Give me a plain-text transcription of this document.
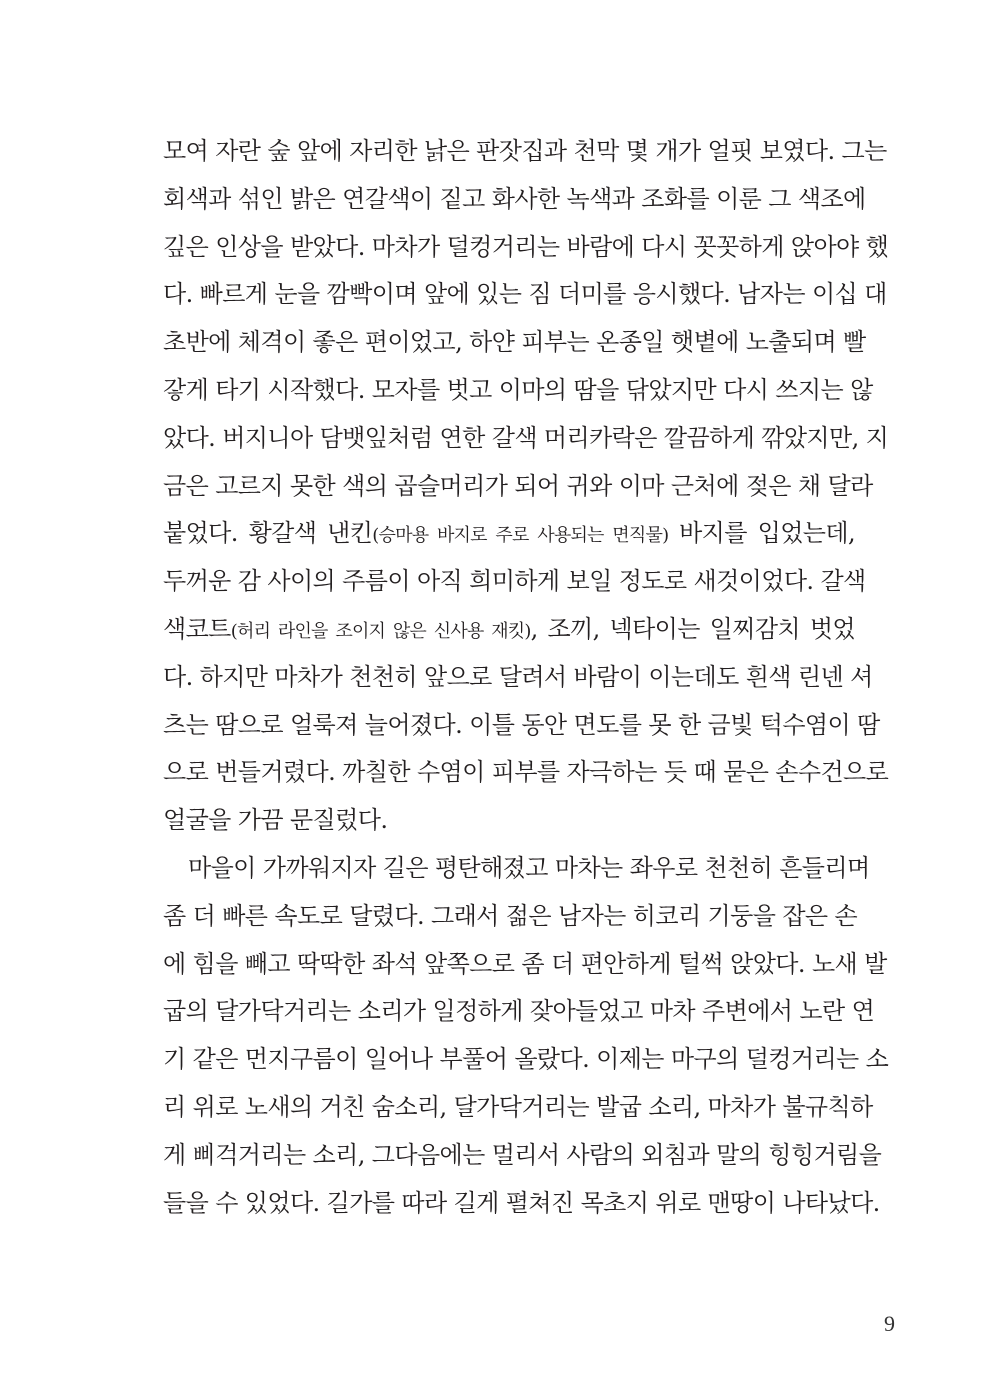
모여 자란 숲 앞에 자리한 낡은 판잣집과 천막 몇 개가 얼핏 보였다. 그는
회색과 섞인 밝은 연갈색이 짙고 화사한 녹색과 조화를 이룬 그 색조에
깊은 인상을 받았다. 마차가 덜컹거리는 바람에 다시 꼿꼿하게 앉아야 했
다. 빠르게 눈을 깜빡이며 앞에 있는 짐 더미를 응시했다. 남자는 이십 대
초반에 체격이 좋은 편이었고, 하얀 피부는 온종일 햇볕에 노출되며 빨
갛게 타기 시작했다. 모자를 벗고 이마의 땀을 닦았지만 다시 쓰지는 않
았다. 버지니아 담뱃잎처럼 연한 갈색 머리카락은 깔끔하게 깎았지만, 지
금은 고르지 못한 색의 곱슬머리가 되어 귀와 이마 근처에 젖은 채 달라
붙었다. 황갈색 낸킨(승마용 바지로 주로 사용되는 면직물) 바지를 입었는데,
두꺼운 감 사이의 주름이 아직 희미하게 보일 정도로 새것이었다. 갈색
색코트(허리 라인을 조이지 않은 신사용 재킷), 조끼, 넥타이는 일찌감치 벗었
다. 하지만 마차가 천천히 앞으로 달려서 바람이 이는데도 흰색 린넨 셔
츠는 땀으로 얼룩져 늘어졌다. 이틀 동안 면도를 못 한 금빛 턱수염이 땀
으로 번들거렸다. 까칠한 수염이 피부를 자극하는 듯 때 묻은 손수건으로
얼굴을 가끔 문질렀다.
마을이 가까워지자 길은 평탄해졌고 마차는 좌우로 천천히 흔들리며
좀 더 빠른 속도로 달렸다. 그래서 젊은 남자는 히코리 기둥을 잡은 손
에 힘을 빼고 딱딱한 좌석 앞쪽으로 좀 더 편안하게 털썩 앉았다. 노새 발
굽의 달가닥거리는 소리가 일정하게 잦아들었고 마차 주변에서 노란 연
기 같은 먼지구름이 일어나 부풀어 올랐다. 이제는 마구의 덜컹거리는 소
리 위로 노새의 거친 숨소리, 달가닥거리는 발굽 소리, 마차가 불규칙하
게 삐걱거리는 소리, 그다음에는 멀리서 사람의 외침과 말의 힝힝거림을
들을 수 있었다. 길가를 따라 길게 펼쳐진 목초지 위로 맨땅이 나타났다.
9
